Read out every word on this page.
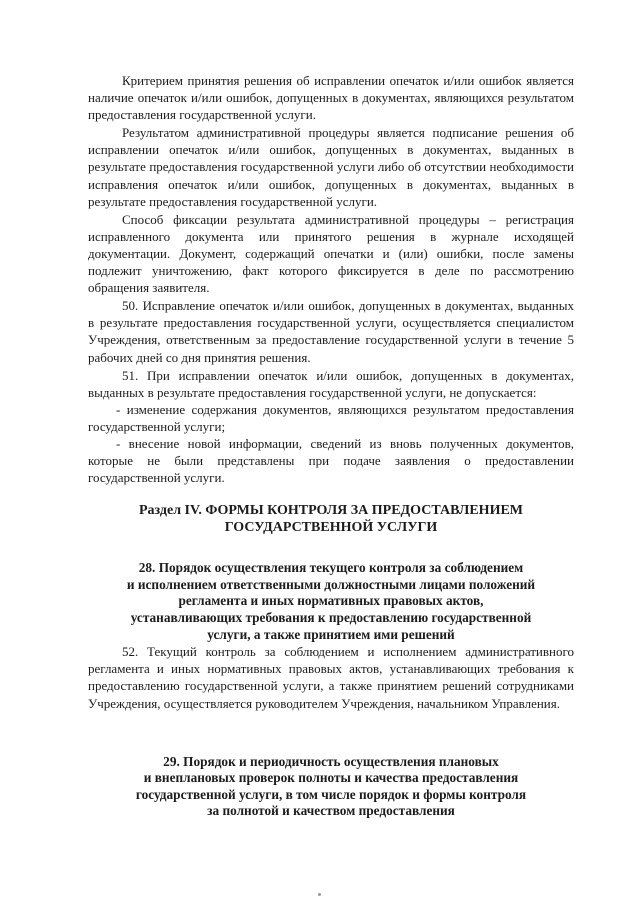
Критерием принятия решения об исправлении опечаток и/или ошибок является наличие опечаток и/или ошибок, допущенных в документах, являющихся результатом предоставления государственной услуги.

Результатом административной процедуры является подписание решения об исправлении опечаток и/или ошибок, допущенных в документах, выданных в результате предоставления государственной услуги либо об отсутствии необходимости исправления опечаток и/или ошибок, допущенных в документах, выданных в результате предоставления государственной услуги.

Способ фиксации результата административной процедуры – регистрация исправленного документа или принятого решения в журнале исходящей документации. Документ, содержащий опечатки и (или) ошибки, после замены подлежит уничтожению, факт которого фиксируется в деле по рассмотрению обращения заявителя.

50. Исправление опечаток и/или ошибок, допущенных в документах, выданных в результате предоставления государственной услуги, осуществляется специалистом Учреждения, ответственным за предоставление государственной услуги в течение 5 рабочих дней со дня принятия решения.

51. При исправлении опечаток и/или ошибок, допущенных в документах, выданных в результате предоставления государственной услуги, не допускается:

- изменение содержания документов, являющихся результатом предоставления государственной услуги;

- внесение новой информации, сведений из вновь полученных документов, которые не были представлены при подаче заявления о предоставлении государственной услуги.

Раздел IV. ФОРМЫ КОНТРОЛЯ ЗА ПРЕДОСТАВЛЕНИЕМ
ГОСУДАРСТВЕННОЙ УСЛУГИ
28. Порядок осуществления текущего контроля за соблюдением
и исполнением ответственными должностными лицами положений
регламента и иных нормативных правовых актов,
устанавливающих требования к предоставлению государственной
услуги, а также принятием ими решений

52. Текущий контроль за соблюдением и исполнением административного регламента и иных нормативных правовых актов, устанавливающих требования к предоставлению государственной услуги, а также принятием решений сотрудниками Учреждения, осуществляется руководителем Учреждения, начальником Управления.

29. Порядок и периодичность осуществления плановых
и внеплановых проверок полноты и качества предоставления
государственной услуги, в том числе порядок и формы контроля
за полнотой и качеством предоставления
